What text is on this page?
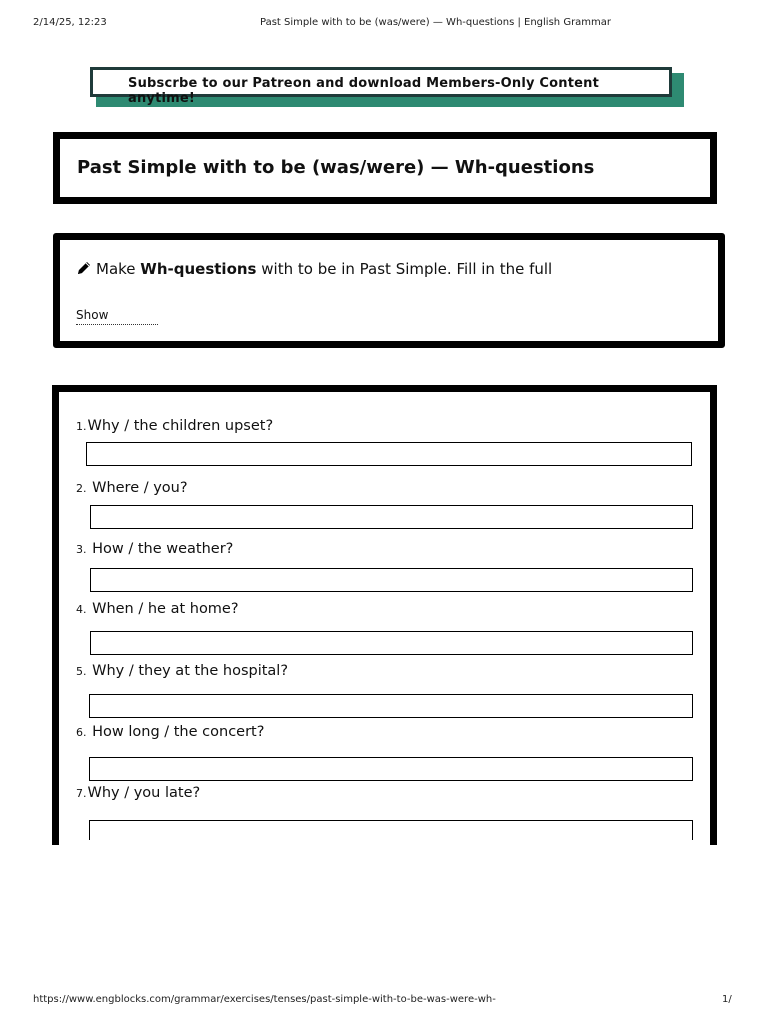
2/14/25, 12:23	Past Simple with to be (was/were) — Wh-questions | English Grammar
Subscrbe to our Patreon and download Members-Only Content anytime!
Past Simple with to be (was/were) — Wh-questions
Make Wh-questions with to be in Past Simple. Fill in the full
Show
1.Why / the children upset?
2. Where / you?
3. How / the weather?
4. When / he at home?
5. Why / they at the hospital?
6. How long / the concert?
7.Why / you late?
https://www.engblocks.com/grammar/exercises/tenses/past-simple-with-to-be-was-were-wh-	1/
